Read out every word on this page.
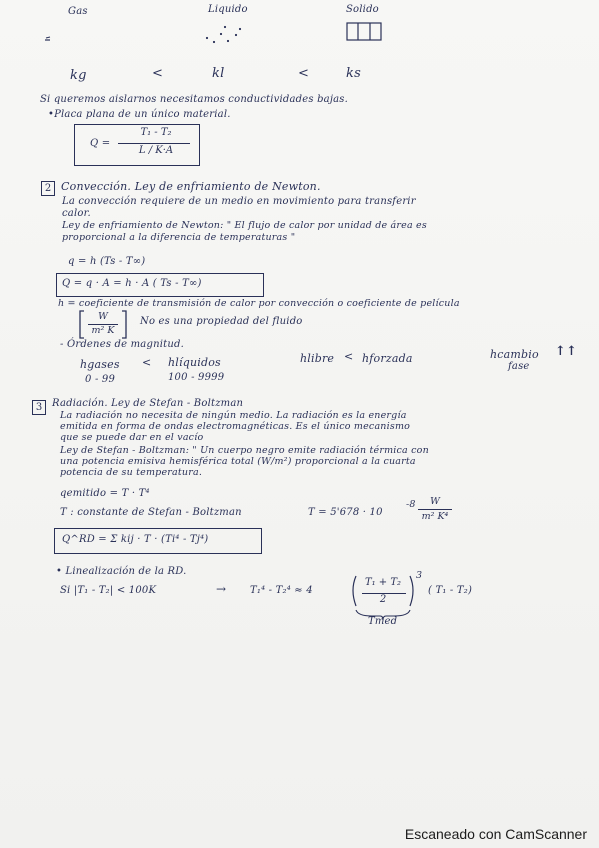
Gas	Liquido	Solido
kg	<	kl	<	ks
Si queremos aislarnos necesitamos conductividades bajas.
•Placa plana de un único material.
Q =
T₁ - T₂
L / K·A
2 Convección. Ley de enfriamiento de Newton.
La convección requiere de un medio en movimiento para transferir
calor.
Ley de enfriamiento de Newton: " El flujo de calor por unidad de área es
proporcional a la diferencia de temperaturas "
q = h (Ts - T∞)
Q = q · A = h · A ( Ts - T∞)
h = coeficiente de transmisión de calor por convección o coeficiente de película
W
m² K
No es una propiedad del fluido
- Órdenes de magnitud.
hgases < hlíquidos
0 - 99	100 - 9999
hlibre < hforzada	hcambio
fase
↑↑
3 Radiación. Ley de Stefan - Boltzman
La radiación no necesita de ningún medio. La radiación es la energía
emitida en forma de ondas electromagnéticas. Es el único mecanismo
que se puede dar en el vacío
Ley de Stefan - Boltzman: " Un cuerpo negro emite radiación térmica con
una potencia emisiva hemisférica total (W/m²) proporcional a la cuarta
potencia de su temperatura.
qemitido = T · T⁴
T : constante de Stefan - Boltzman	T = 5'678 · 10
-8	W
m² K⁴
Q^RD = Σ kij · T · (Ti⁴ - Tj⁴)
• Linealización de la RD.
Si |T₁ - T₂| < 100K	→ T₁⁴ - T₂⁴ ≈ 4
T₁ + T₂
2
3
( T₁ - T₂)
Tmed
Escaneado con CamScanner
